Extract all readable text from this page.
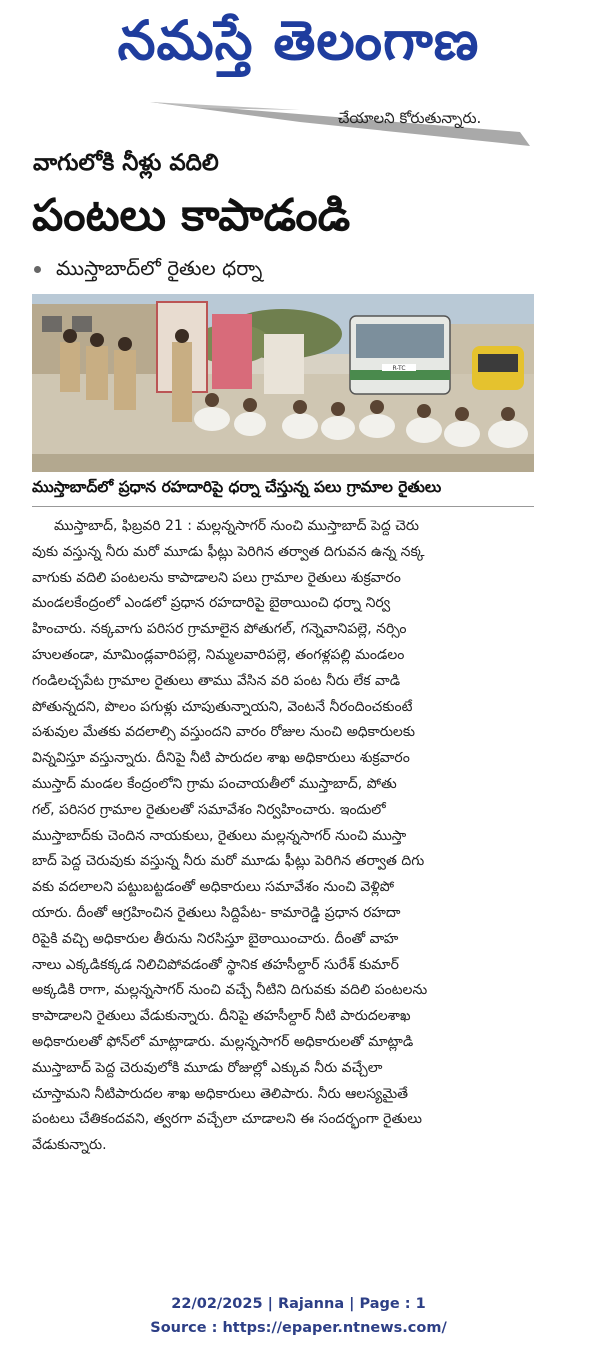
నమస్తే తెలంగాణ
చేయాలని కోరుతున్నారు.
వాగులోకి నీళ్లు వదిలి
పంటలు కాపాడండి
ముస్తాబాద్‌లో రైతుల ధర్నా
R-TC
ముస్తాబాద్‌లో ప్రధాన రహదారిపై ధర్నా చేస్తున్న పలు గ్రామాల రైతులు
ముస్తాబాద్, ఫిబ్రవరి 21 : మల్లన్నసాగర్ నుంచి ముస్తాబాద్ పెద్ద చెరు
వుకు వస్తున్న నీరు మరో మూడు ఫీట్లు పెరిగిన తర్వాత దిగువన ఉన్న నక్క
వాగుకు వదిలి పంటలను కాపాడాలని పలు గ్రామాల రైతులు శుక్రవారం
మండలకేంద్రంలో ఎండలో ప్రధాన రహదారిపై బైఠాయించి ధర్నా నిర్వ
హించారు. నక్కవాగు పరిసర గ్రామాలైన పోతుగల్, గన్నెవానిపల్లె, నర్సిం
హులతండా, మామిండ్లవారిపల్లె, నిమ్మలవారిపల్లె, తంగళ్లపల్లి మండలం
గండిలచ్చపేట గ్రామాల రైతులు తాము వేసిన వరి పంట నీరు లేక వాడి
పోతున్నదని, పొలం పగుళ్లు చూపుతున్నాయని, వెంటనే నీరందించకుంటే
పశువుల మేతకు వదలాల్సి వస్తుందని వారం రోజుల నుంచి అధికారులకు
విన్నవిస్తూ వస్తున్నారు. దీనిపై నీటి పారుదల శాఖ అధికారులు శుక్రవారం
ముస్తాద్ మండల కేంద్రంలోని గ్రామ పంచాయతీలో ముస్తాబాద్, పోతు
గల్, పరిసర గ్రామాల రైతులతో సమావేశం నిర్వహించారు. ఇందులో
ముస్తాబాద్‌కు చెందిన నాయకులు, రైతులు మల్లన్నసాగర్ నుంచి ముస్తా
బాద్ పెద్ద చెరువుకు వస్తున్న నీరు మరో మూడు ఫీట్లు పెరిగిన తర్వాత దిగు
వకు వదలాలని పట్టుబట్టడంతో అధికారులు సమావేశం నుంచి వెళ్లిపో
యారు. దీంతో ఆగ్రహించిన రైతులు సిద్దిపేట- కామారెడ్డి ప్రధాన రహదా
రిపైకి వచ్చి అధికారుల తీరును నిరసిస్తూ బైఠాయించారు. దీంతో వాహ
నాలు ఎక్కడికక్కడ నిలిచిపోవడంతో స్థానిక తహసీల్దార్ సురేశ్ కుమార్
అక్కడికి రాగా, మల్లన్నసాగర్ నుంచి వచ్చే నీటిని దిగువకు వదిలి పంటలను
కాపాడాలని రైతులు వేడుకున్నారు. దీనిపై తహసీల్దార్ నీటి పారుదలశాఖ
అధికారులతో ఫోన్‌లో మాట్లాడారు. మల్లన్నసాగర్ అధికారులతో మాట్లాడి
ముస్తాబాద్ పెద్ద చెరువులోకి మూడు రోజుల్లో ఎక్కువ నీరు వచ్చేలా
చూస్తామని నీటిపారుదల శాఖ అధికారులు తెలిపారు. నీరు ఆలస్యమైతే
పంటలు చేతికందవని, త్వరగా వచ్చేలా చూడాలని ఈ సందర్భంగా రైతులు
వేడుకున్నారు.
22/02/2025 | Rajanna | Page : 1
Source : https://epaper.ntnews.com/
